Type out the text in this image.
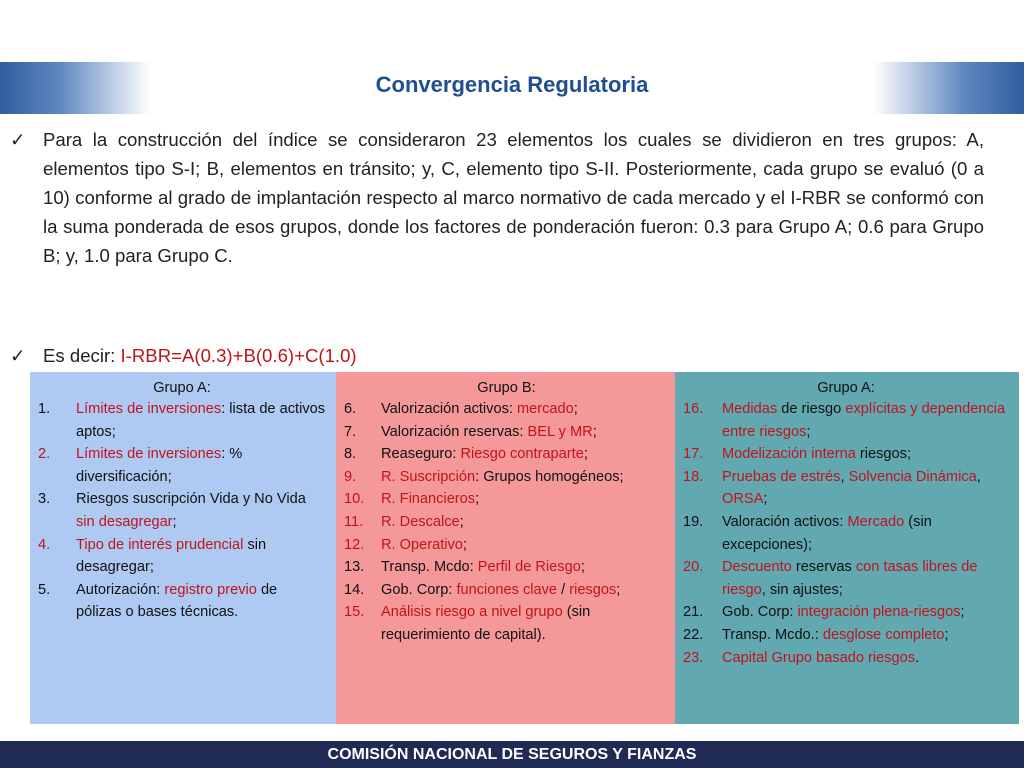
Convergencia Regulatoria
✓ Para la construcción del índice se consideraron 23 elementos los cuales se dividieron en tres grupos: A, elementos tipo S-I; B, elementos en tránsito; y, C, elemento tipo S-II. Posteriormente, cada grupo se evaluó (0 a 10) conforme al grado de implantación respecto al marco normativo de cada mercado y el I-RBR se conformó con la suma ponderada de esos grupos, donde los factores de ponderación fueron: 0.3 para Grupo A; 0.6 para Grupo B; y, 1.0 para Grupo C.
✓ Es decir: I-RBR=A(0.3)+B(0.6)+C(1.0)
Grupo A:
1.	Límites de inversiones: lista de activos aptos;
2.	Límites de inversiones: % diversificación;
3.	Riesgos suscripción Vida y No Vida sin desagregar;
4.	Tipo de interés prudencial sin desagregar;
5.	Autorización: registro previo de pólizas o bases técnicas.
Grupo B:
6.	Valorización activos: mercado;
7.	Valorización reservas: BEL y MR;
8.	Reaseguro: Riesgo contraparte;
9.	R. Suscripción: Grupos homogéneos;
10.	R. Financieros;
11.	R. Descalce;
12.	R. Operativo;
13.	Transp. Mcdo: Perfil de Riesgo;
14.	Gob. Corp: funciones clave / riesgos;
15.	Análisis riesgo a nivel grupo (sin requerimiento de capital).
Grupo A:
16.	Medidas de riesgo explícitas y dependencia entre riesgos;
17.	Modelización interna riesgos;
18.	Pruebas de estrés, Solvencia Dinámica, ORSA;
19.	Valoración activos: Mercado (sin excepciones);
20.	Descuento reservas con tasas libres de riesgo, sin ajustes;
21.	Gob. Corp: integración plena-riesgos;
22.	Transp. Mcdo.: desglose completo;
23.	Capital Grupo basado riesgos.
COMISIÓN NACIONAL DE SEGUROS Y FIANZAS
